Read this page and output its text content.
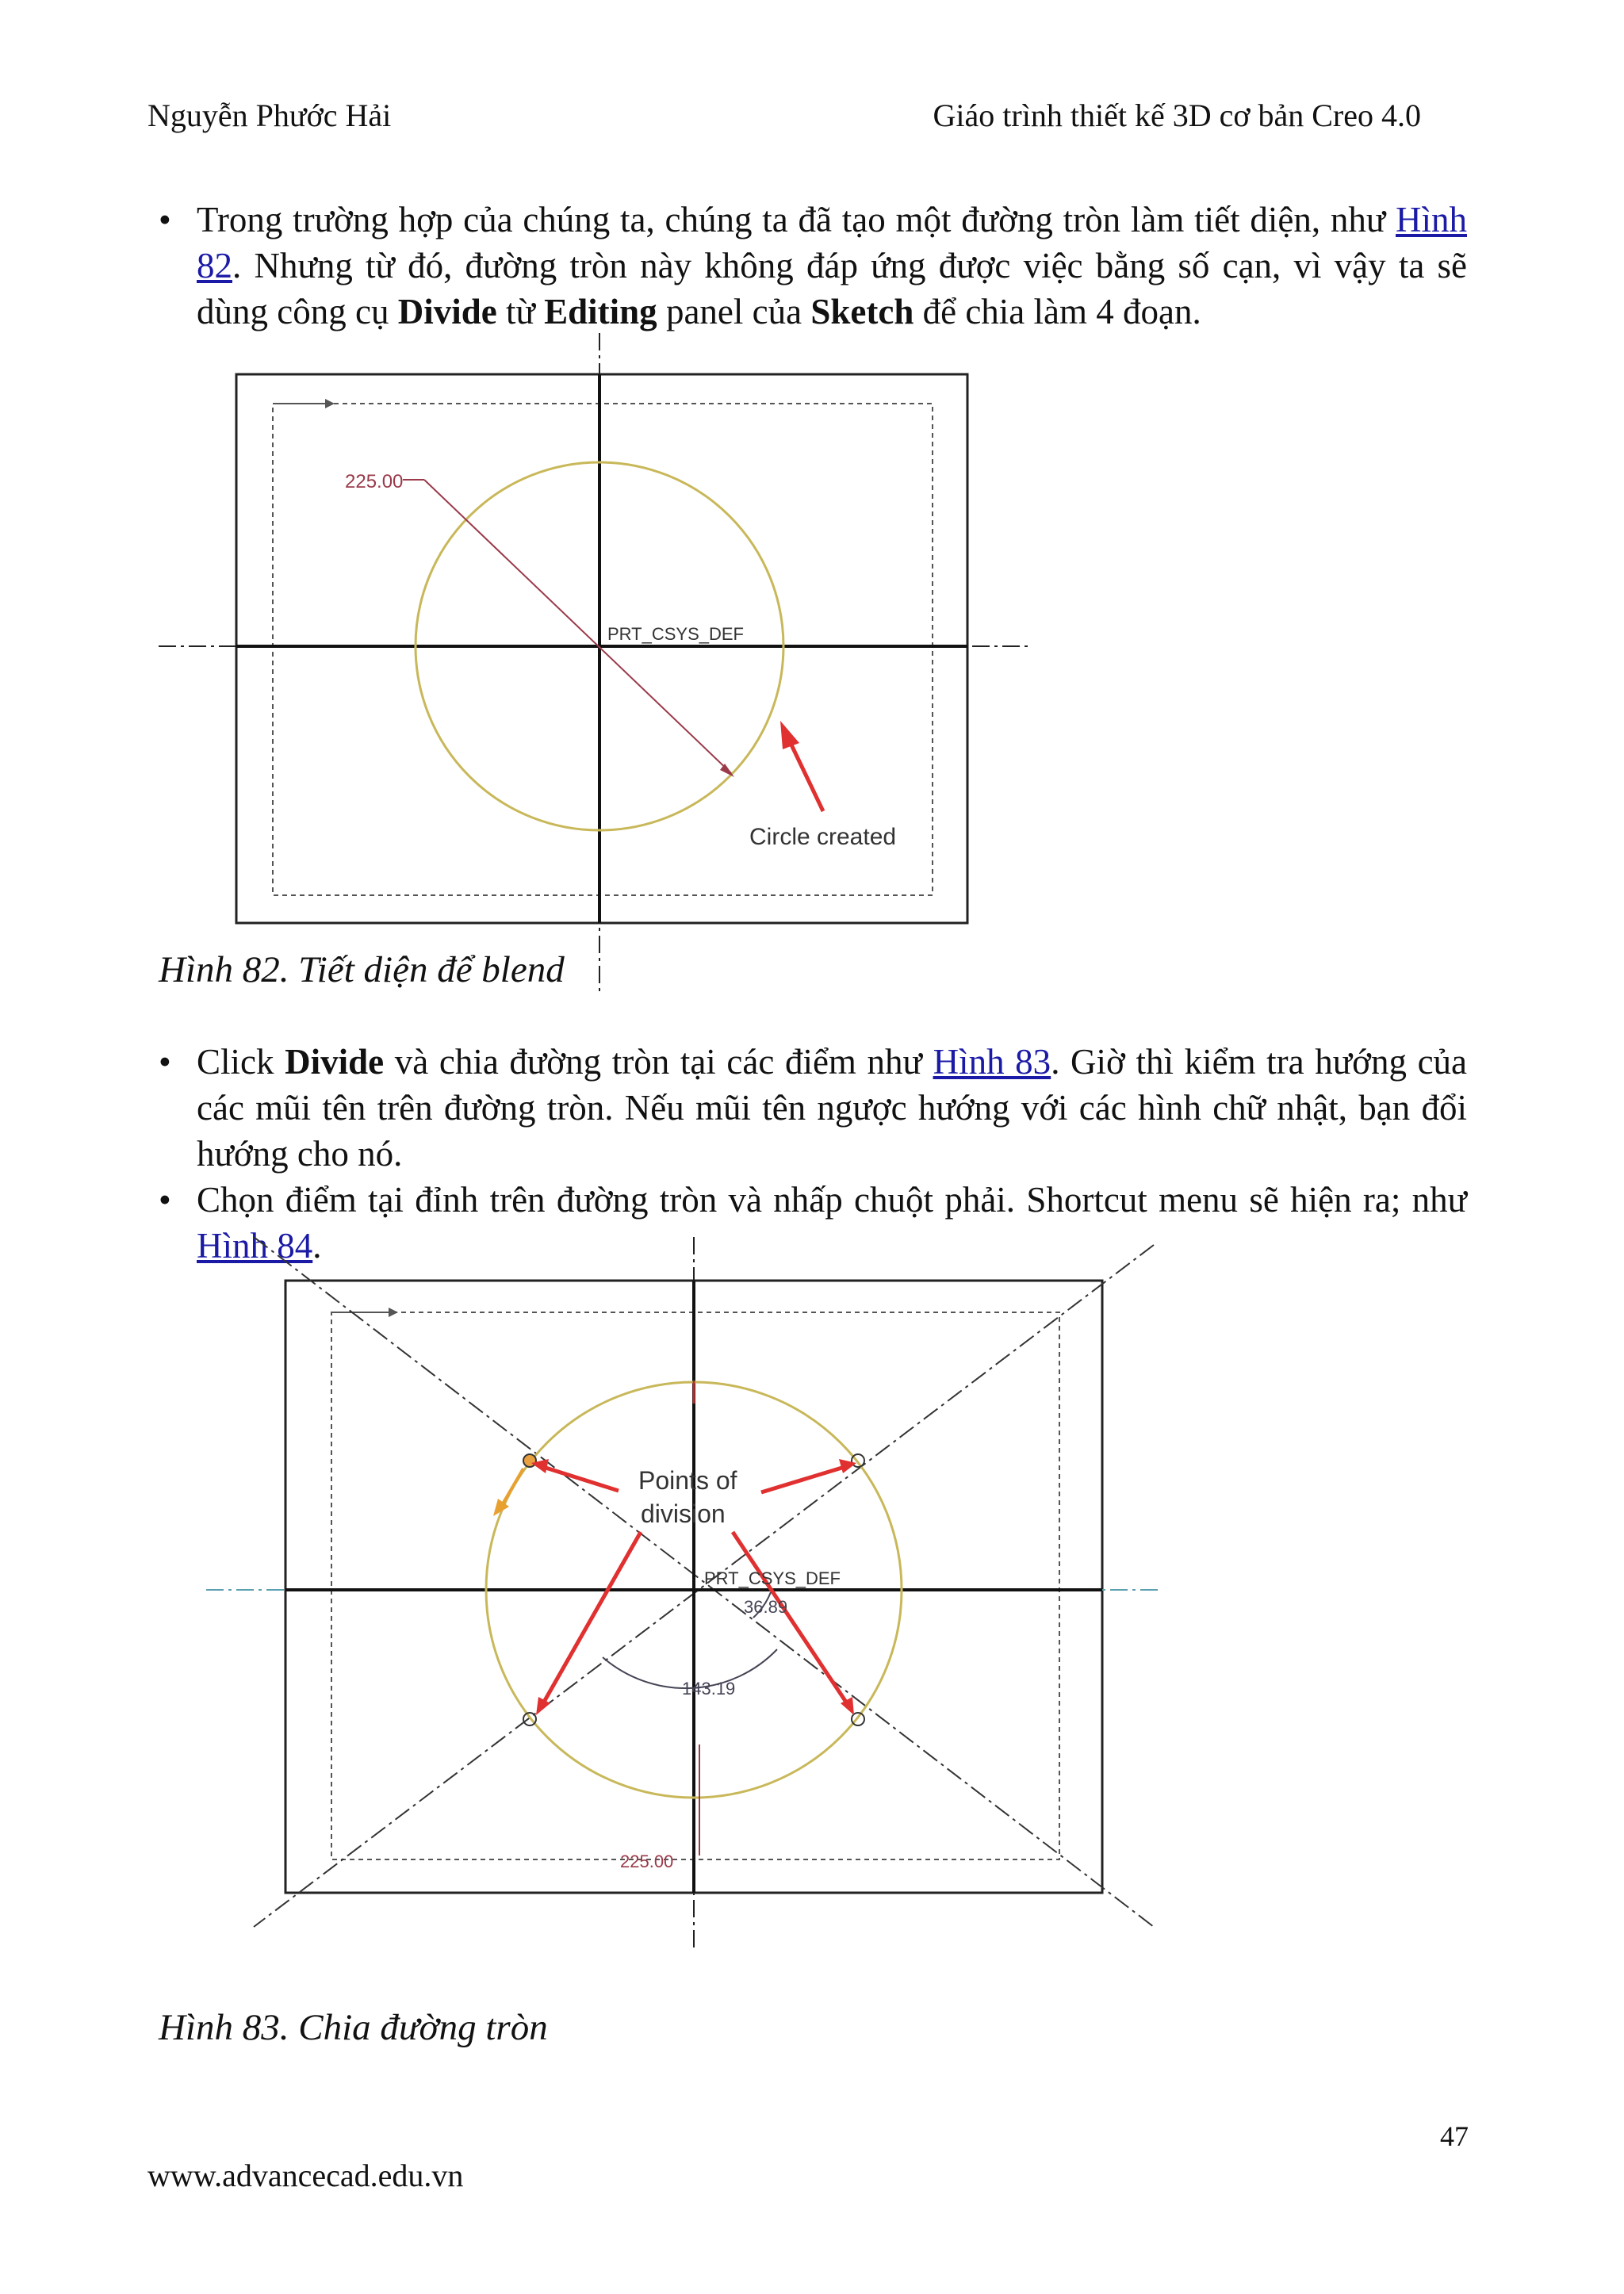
Nguyễn Phước Hải	Giáo trình thiết kế 3D cơ bản Creo 4.0
• Trong trường hợp của chúng ta, chúng ta đã tạo một đường tròn làm tiết diện, như Hình 82. Nhưng từ đó, đường tròn này không đáp ứng được việc bằng số cạn, vì vậy ta sẽ dùng công cụ Divide từ Editing panel của Sketch để chia làm 4 đoạn.
225.00
PRT_CSYS_DEF
Circle created
Hình 82. Tiết diện để blend
• Click Divide và chia đường tròn tại các điểm như Hình 83. Giờ thì kiểm tra hướng của các mũi tên trên đường tròn. Nếu mũi tên ngược hướng với các hình chữ nhật, bạn đổi hướng cho nó.
• Chọn điểm tại đỉnh trên đường tròn và nhấp chuột phải. Shortcut menu sẽ hiện ra; như Hình 84.
Points of
division
PRT_CSYS_DEF
36.89
143.19
225.00
Hình 83. Chia đường tròn
47
www.advancecad.edu.vn
